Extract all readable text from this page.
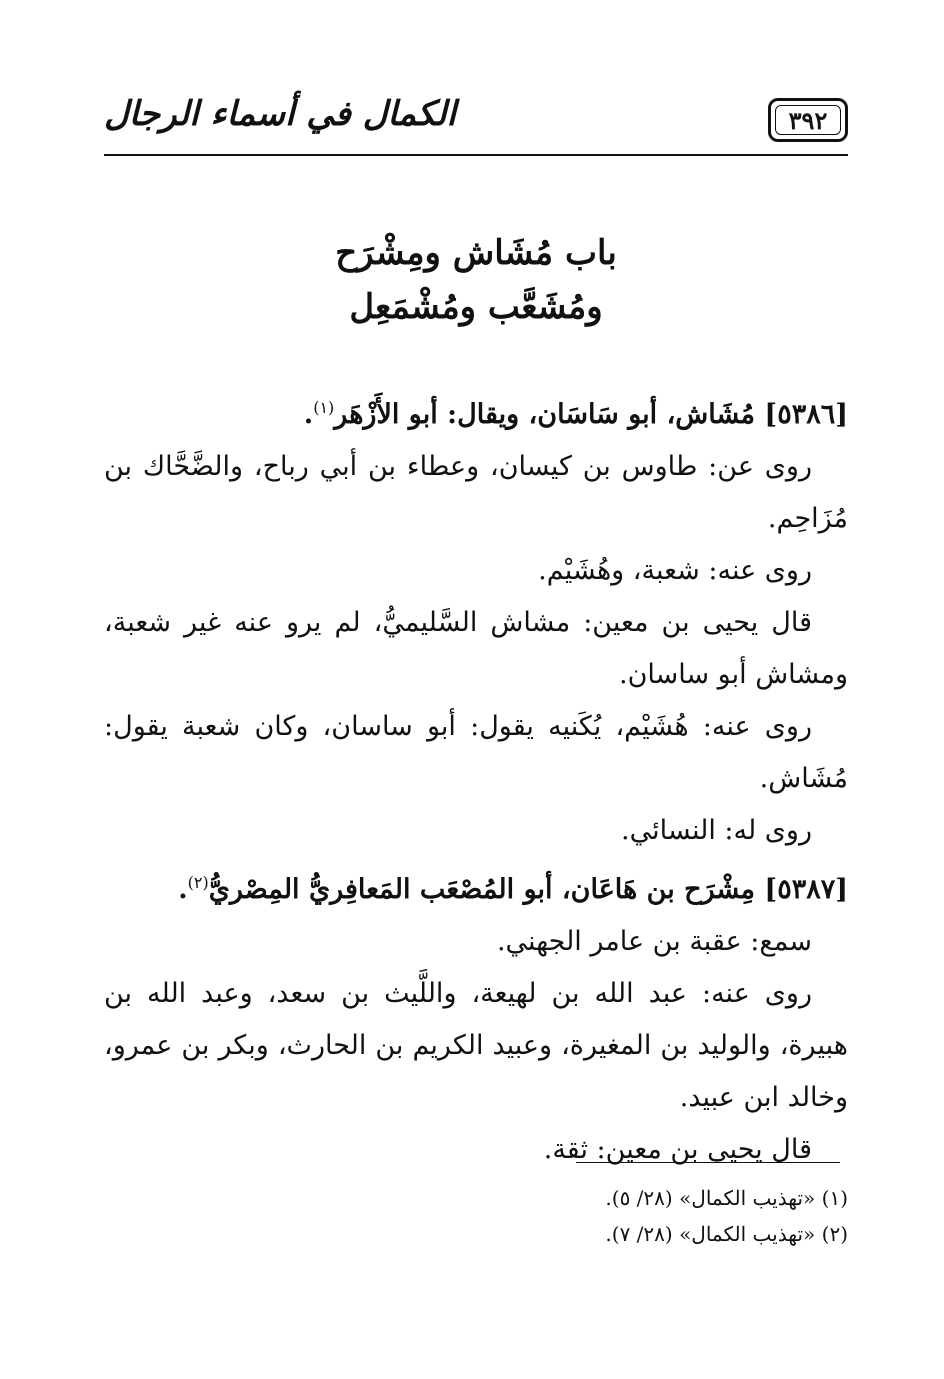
الكمال في أسماء الرجال	٣٩٢
باب مُشَاش ومِشْرَح
ومُشَعَّب ومُشْمَعِل

[٥٣٨٦] مُشَاش، أبو سَاسَان، ويقال: أبو الأَزْهَر$^{(١)}$.

روى عن: طاوس بن كيسان، وعطاء بن أبي رباح، والضَّحَّاك بن مُزَاحِم.

روى عنه: شعبة، وهُشَيْم.

قال يحيى بن معين: مشاش السَّليميُّ، لم يرو عنه غير شعبة، ومشاش أبو ساسان.

روى عنه: هُشَيْم، يُكَنيه يقول: أبو ساسان، وكان شعبة يقول: مُشَاش.

روى له: النسائي.

[٥٣٨٧] مِشْرَح بن هَاعَان، أبو المُصْعَب المَعافِريُّ المِصْريُّ$^{(٢)}$.

سمع: عقبة بن عامر الجهني.

روى عنه: عبد الله بن لهيعة، واللَّيث بن سعد، وعبد الله بن هبيرة، والوليد بن المغيرة، وعبيد الكريم بن الحارث، وبكر بن عمرو، وخالد ابن عبيد.

قال يحيى بن معين: ثقة.

(١) «تهذيب الكمال» (٢٨/ ٥).

(٢) «تهذيب الكمال» (٢٨/ ٧).
